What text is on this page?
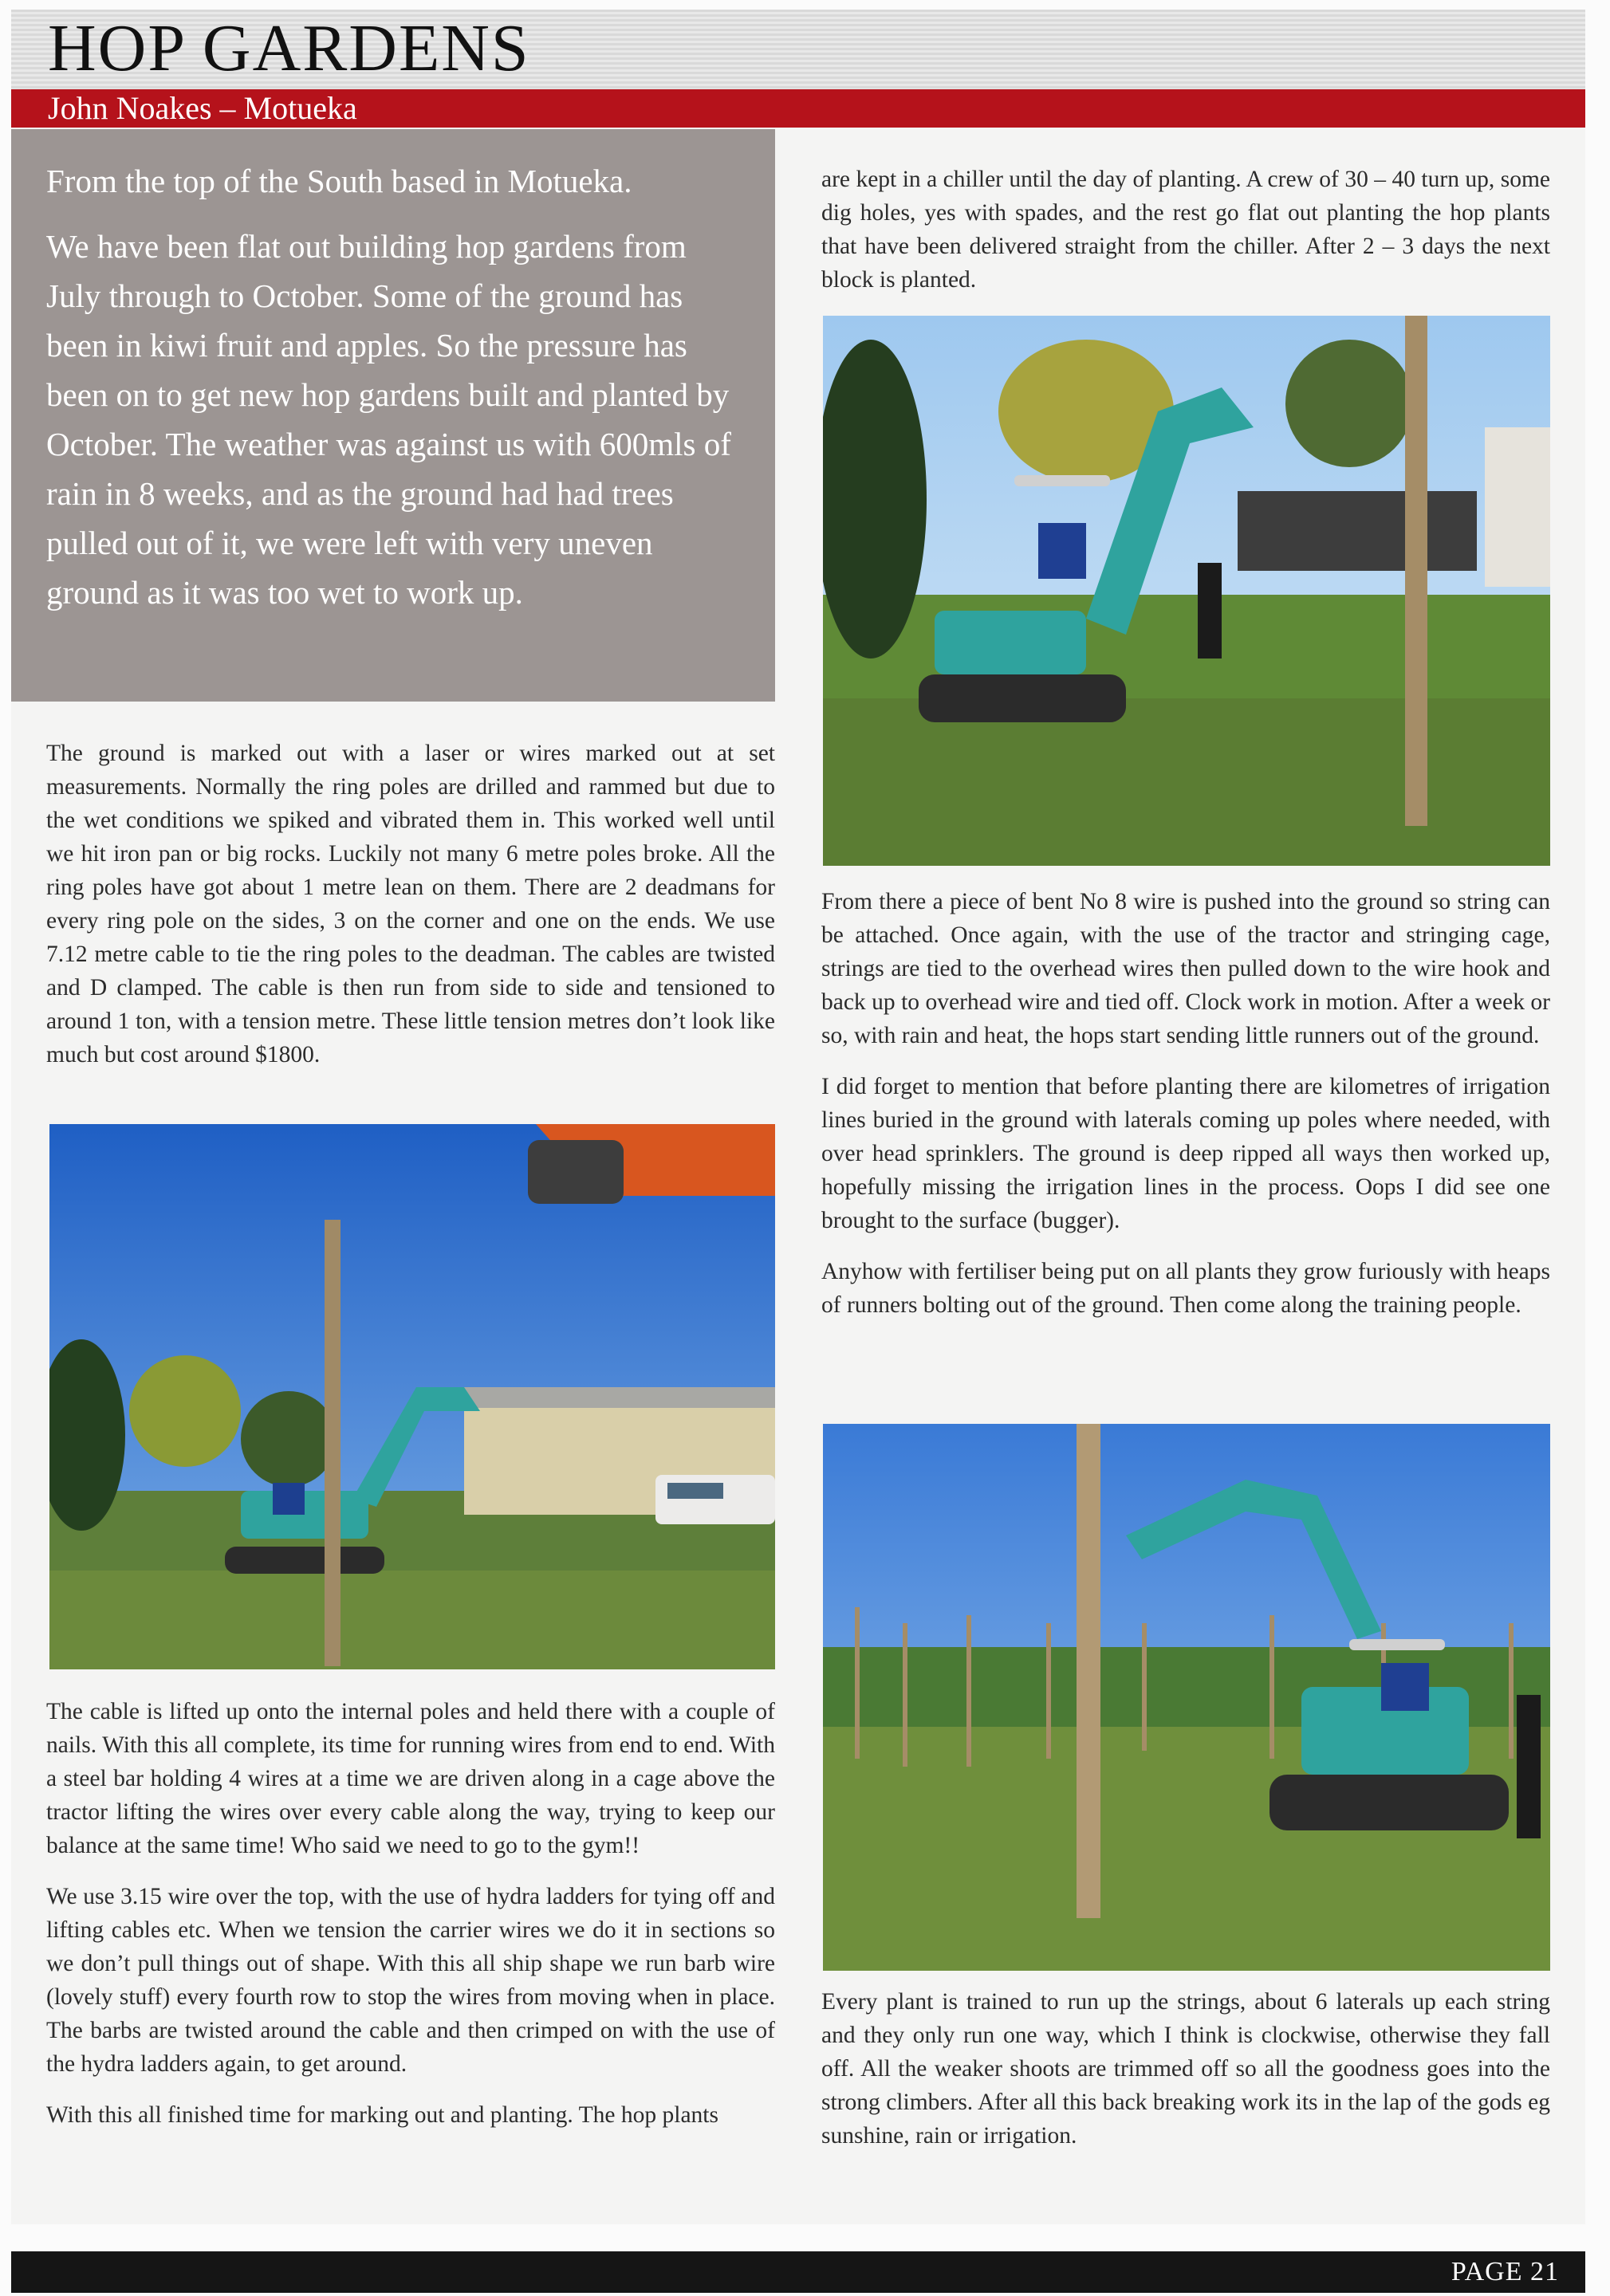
HOP GARDENS
John Noakes – Motueka

From the top of the South based in Motueka.

We have been flat out building hop gardens from July through to October. Some of the ground has been in kiwi fruit and apples. So the pressure has been on to get new hop gardens built and planted by October. The weather was against us with 600mls of rain in 8 weeks, and as the ground had had trees pulled out of it, we were left with very uneven ground as it was too wet to work up.

The ground is marked out with a laser or wires marked out at set measurements. Normally the ring poles are drilled and rammed but due to the wet conditions we spiked and vibrated them in. This worked well until we hit iron pan or big rocks. Luckily not many 6 metre poles broke. All the ring poles have got about 1 metre lean on them. There are 2 deadmans for every ring pole on the sides, 3 on the corner and one on the ends. We use 7.12 metre cable to tie the ring poles to the deadman. The cables are twisted and D clamped. The cable is then run from side to side and tensioned to around 1 ton, with a tension metre. These little tension metres don’t look like much but cost around $1800.

The cable is lifted up onto the internal poles and held there with a couple of nails. With this all complete, its time for running wires from end to end. With a steel bar holding 4 wires at a time we are driven along in a cage above the tractor lifting the wires over every cable along the way, trying to keep our balance at the same time! Who said we need to go to the gym!!

We use 3.15 wire over the top, with the use of hydra ladders for tying off and lifting cables etc. When we tension the carrier wires we do it in sections so we don’t pull things out of shape. With this all ship shape we run barb wire (lovely stuff) every fourth row to stop the wires from moving when in place. The barbs are twisted around the cable and then crimped on with the use of the hydra ladders again, to get around.

With this all finished time for marking out and planting. The hop plants

are kept in a chiller until the day of planting. A crew of 30 – 40 turn up, some dig holes, yes with spades, and the rest go flat out planting the hop plants that have been delivered straight from the chiller. After 2 – 3 days the next block is planted.

From there a piece of bent No 8 wire is pushed into the ground so string can be attached. Once again, with the use of the tractor and stringing cage, strings are tied to the overhead wires then pulled down to the wire hook and back up to overhead wire and tied off. Clock work in motion. After a week or so, with rain and heat, the hops start sending little runners out of the ground.

I did forget to mention that before planting there are kilometres of irrigation lines buried in the ground with laterals coming up poles where needed, with over head sprinklers. The ground is deep ripped all ways then worked up, hopefully missing the irrigation lines in the process. Oops I did see one brought to the surface (bugger).

Anyhow with fertiliser being put on all plants they grow furiously with heaps of runners bolting out of the ground. Then come along the training people.

Every plant is trained to run up the strings, about 6 laterals up each string and they only run one way, which I think is clockwise, otherwise they fall off. All the weaker shoots are trimmed off so all the goodness goes into the strong climbers. After all this back breaking work its in the lap of the gods eg sunshine, rain or irrigation.

PAGE 21
